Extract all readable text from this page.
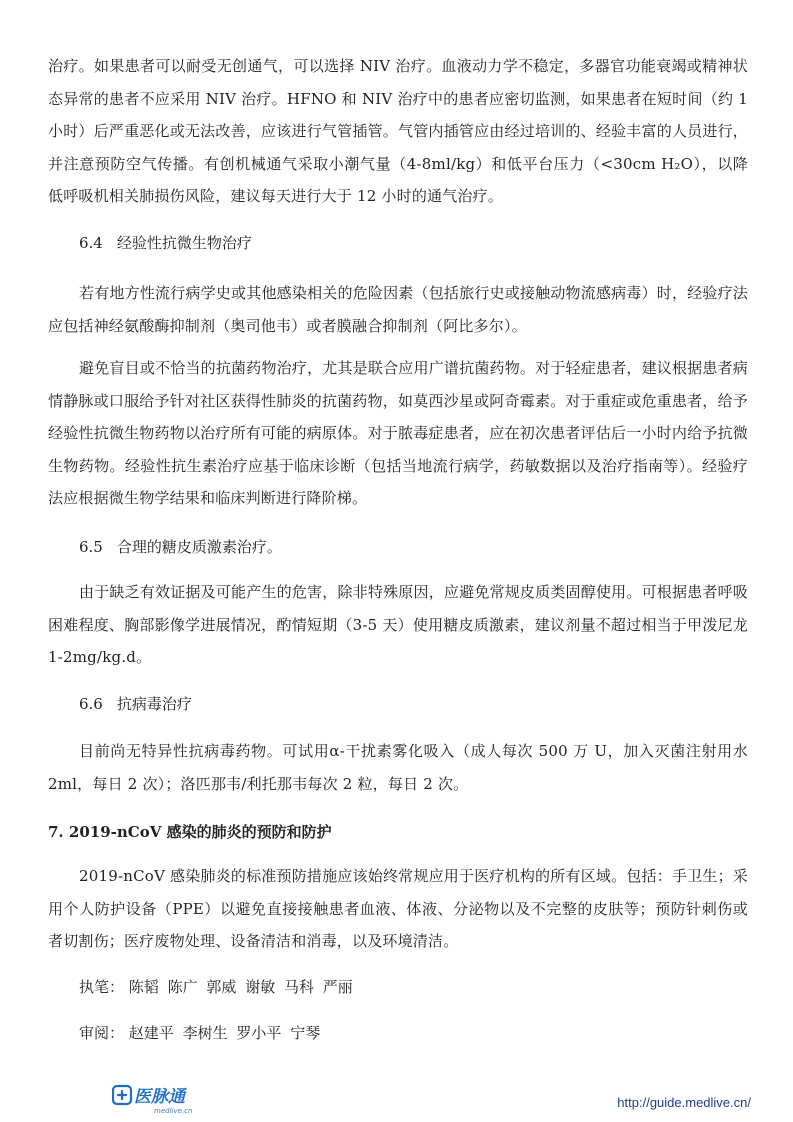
治疗。如果患者可以耐受无创通气，可以选择 NIV 治疗。血液动力学不稳定，多器官功能衰竭或精神状态异常的患者不应采用 NIV 治疗。HFNO 和 NIV 治疗中的患者应密切监测，如果患者在短时间（约 1 小时）后严重恶化或无法改善，应该进行气管插管。气管内插管应由经过培训的、经验丰富的人员进行，并注意预防空气传播。有创机械通气采取小潮气量（4-8ml/kg）和低平台压力（<30cm H₂O），以降低呼吸机相关肺损伤风险，建议每天进行大于 12 小时的通气治疗。

6.4 经验性抗微生物治疗

若有地方性流行病学史或其他感染相关的危险因素（包括旅行史或接触动物流感病毒）时，经验疗法应包括神经氨酸酶抑制剂（奥司他韦）或者膜融合抑制剂（阿比多尔）。

避免盲目或不恰当的抗菌药物治疗，尤其是联合应用广谱抗菌药物。对于轻症患者，建议根据患者病情静脉或口服给予针对社区获得性肺炎的抗菌药物，如莫西沙星或阿奇霉素。对于重症或危重患者，给予经验性抗微生物药物以治疗所有可能的病原体。对于脓毒症患者，应在初次患者评估后一小时内给予抗微生物药物。经验性抗生素治疗应基于临床诊断（包括当地流行病学，药敏数据以及治疗指南等）。经验疗法应根据微生物学结果和临床判断进行降阶梯。

6.5 合理的糖皮质激素治疗。

由于缺乏有效证据及可能产生的危害，除非特殊原因，应避免常规皮质类固醇使用。可根据患者呼吸困难程度、胸部影像学进展情况，酌情短期（3-5 天）使用糖皮质激素，建议剂量不超过相当于甲泼尼龙 1-2mg/kg.d。

6.6 抗病毒治疗

目前尚无特异性抗病毒药物。可试用α-干扰素雾化吸入（成人每次 500 万 U，加入灭菌注射用水 2ml，每日 2 次）；洛匹那韦/利托那韦每次 2 粒，每日 2 次。

7. 2019-nCoV 感染的肺炎的预防和防护

2019-nCoV 感染肺炎的标准预防措施应该始终常规应用于医疗机构的所有区域。包括：手卫生；采用个人防护设备（PPE）以避免直接接触患者血液、体液、分泌物以及不完整的皮肤等；预防针刺伤或者切割伤；医疗废物处理、设备清洁和消毒，以及环境清洁。

执笔： 陈韬 陈广 郭威 谢敏 马科 严丽

审阅： 赵建平 李树生 罗小平 宁琴

医脉通
medlive.cn
http://guide.medlive.cn/
